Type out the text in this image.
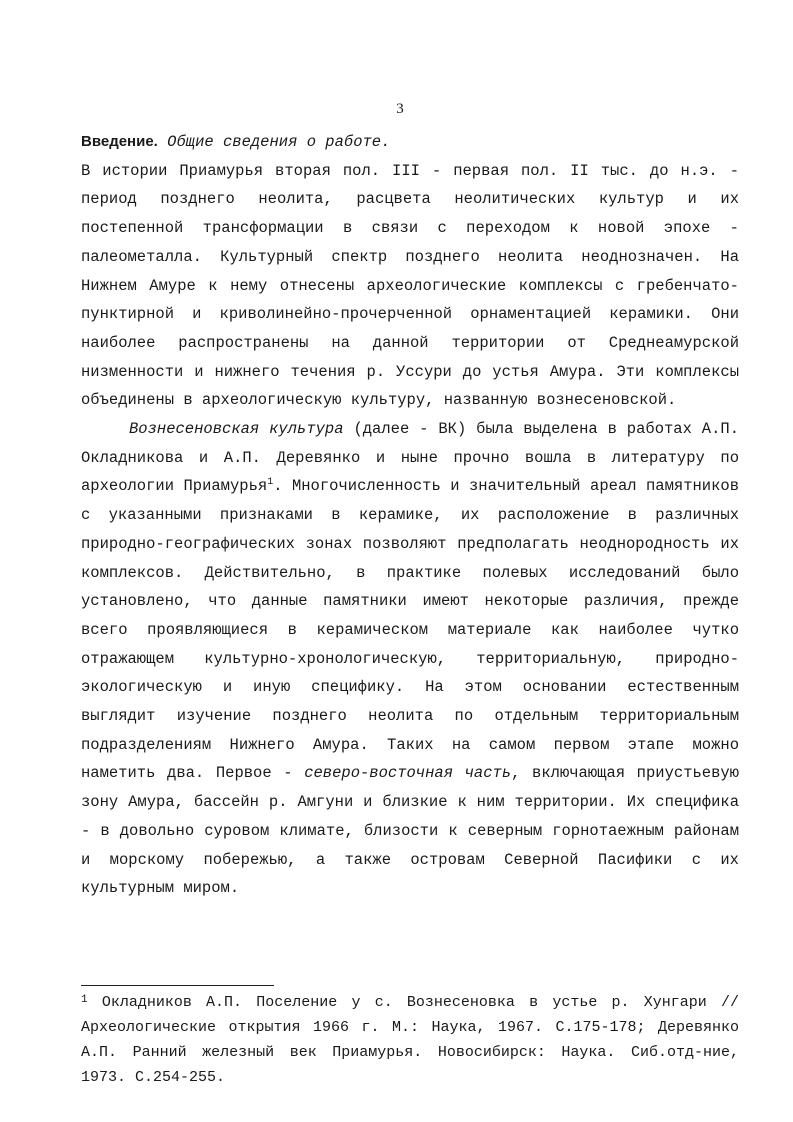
3

Введение. Общие сведения о работе.

В истории Приамурья вторая пол. III - первая пол. II тыс. до н.э. - период позднего неолита, расцвета неолитических культур и их постепенной трансформации в связи с переходом к новой эпохе - палеометалла. Культурный спектр позднего неолита неоднозначен. На Нижнем Амуре к нему отнесены археологические комплексы с гребенчато-пунктирной и криволинейно-прочерченной орнаментацией керамики. Они наиболее распространены на данной территории от Среднеамурской низменности и нижнего течения р. Уссури до устья Амура. Эти комплексы объединены в археологическую культуру, названную вознесеновской.

Вознесеновская культура (далее - ВК) была выделена в работах А.П. Окладникова и А.П. Деревянко и ныне прочно вошла в литературу по археологии Приамурья$^1$. Многочисленность и значительный ареал памятников с указанными признаками в керамике, их расположение в различных природно-географических зонах позволяют предполагать неоднородность их комплексов. Действительно, в практике полевых исследований было установлено, что данные памятники имеют некоторые различия, прежде всего проявляющиеся в керамическом материале как наиболее чутко отражающем культурно-хронологическую, территориальную, природно-экологическую и иную специфику. На этом основании естественным выглядит изучение позднего неолита по отдельным территориальным подразделениям Нижнего Амура. Таких на самом первом этапе можно наметить два. Первое - северо-восточная часть, включающая приустьевую зону Амура, бассейн р. Амгуни и близкие к ним территории. Их специфика - в довольно суровом климате, близости к северным горнотаежным районам и морскому побережью, а также островам Северной Пасифики с их культурным миром.

$^1$ Окладников А.П. Поселение у с. Вознесеновка в устье р. Хунгари // Археологические открытия 1966 г. М.: Наука, 1967. С.175-178; Деревянко А.П. Ранний железный век Приамурья. Новосибирск: Наука. Сиб.отд-ние, 1973. С.254-255.
